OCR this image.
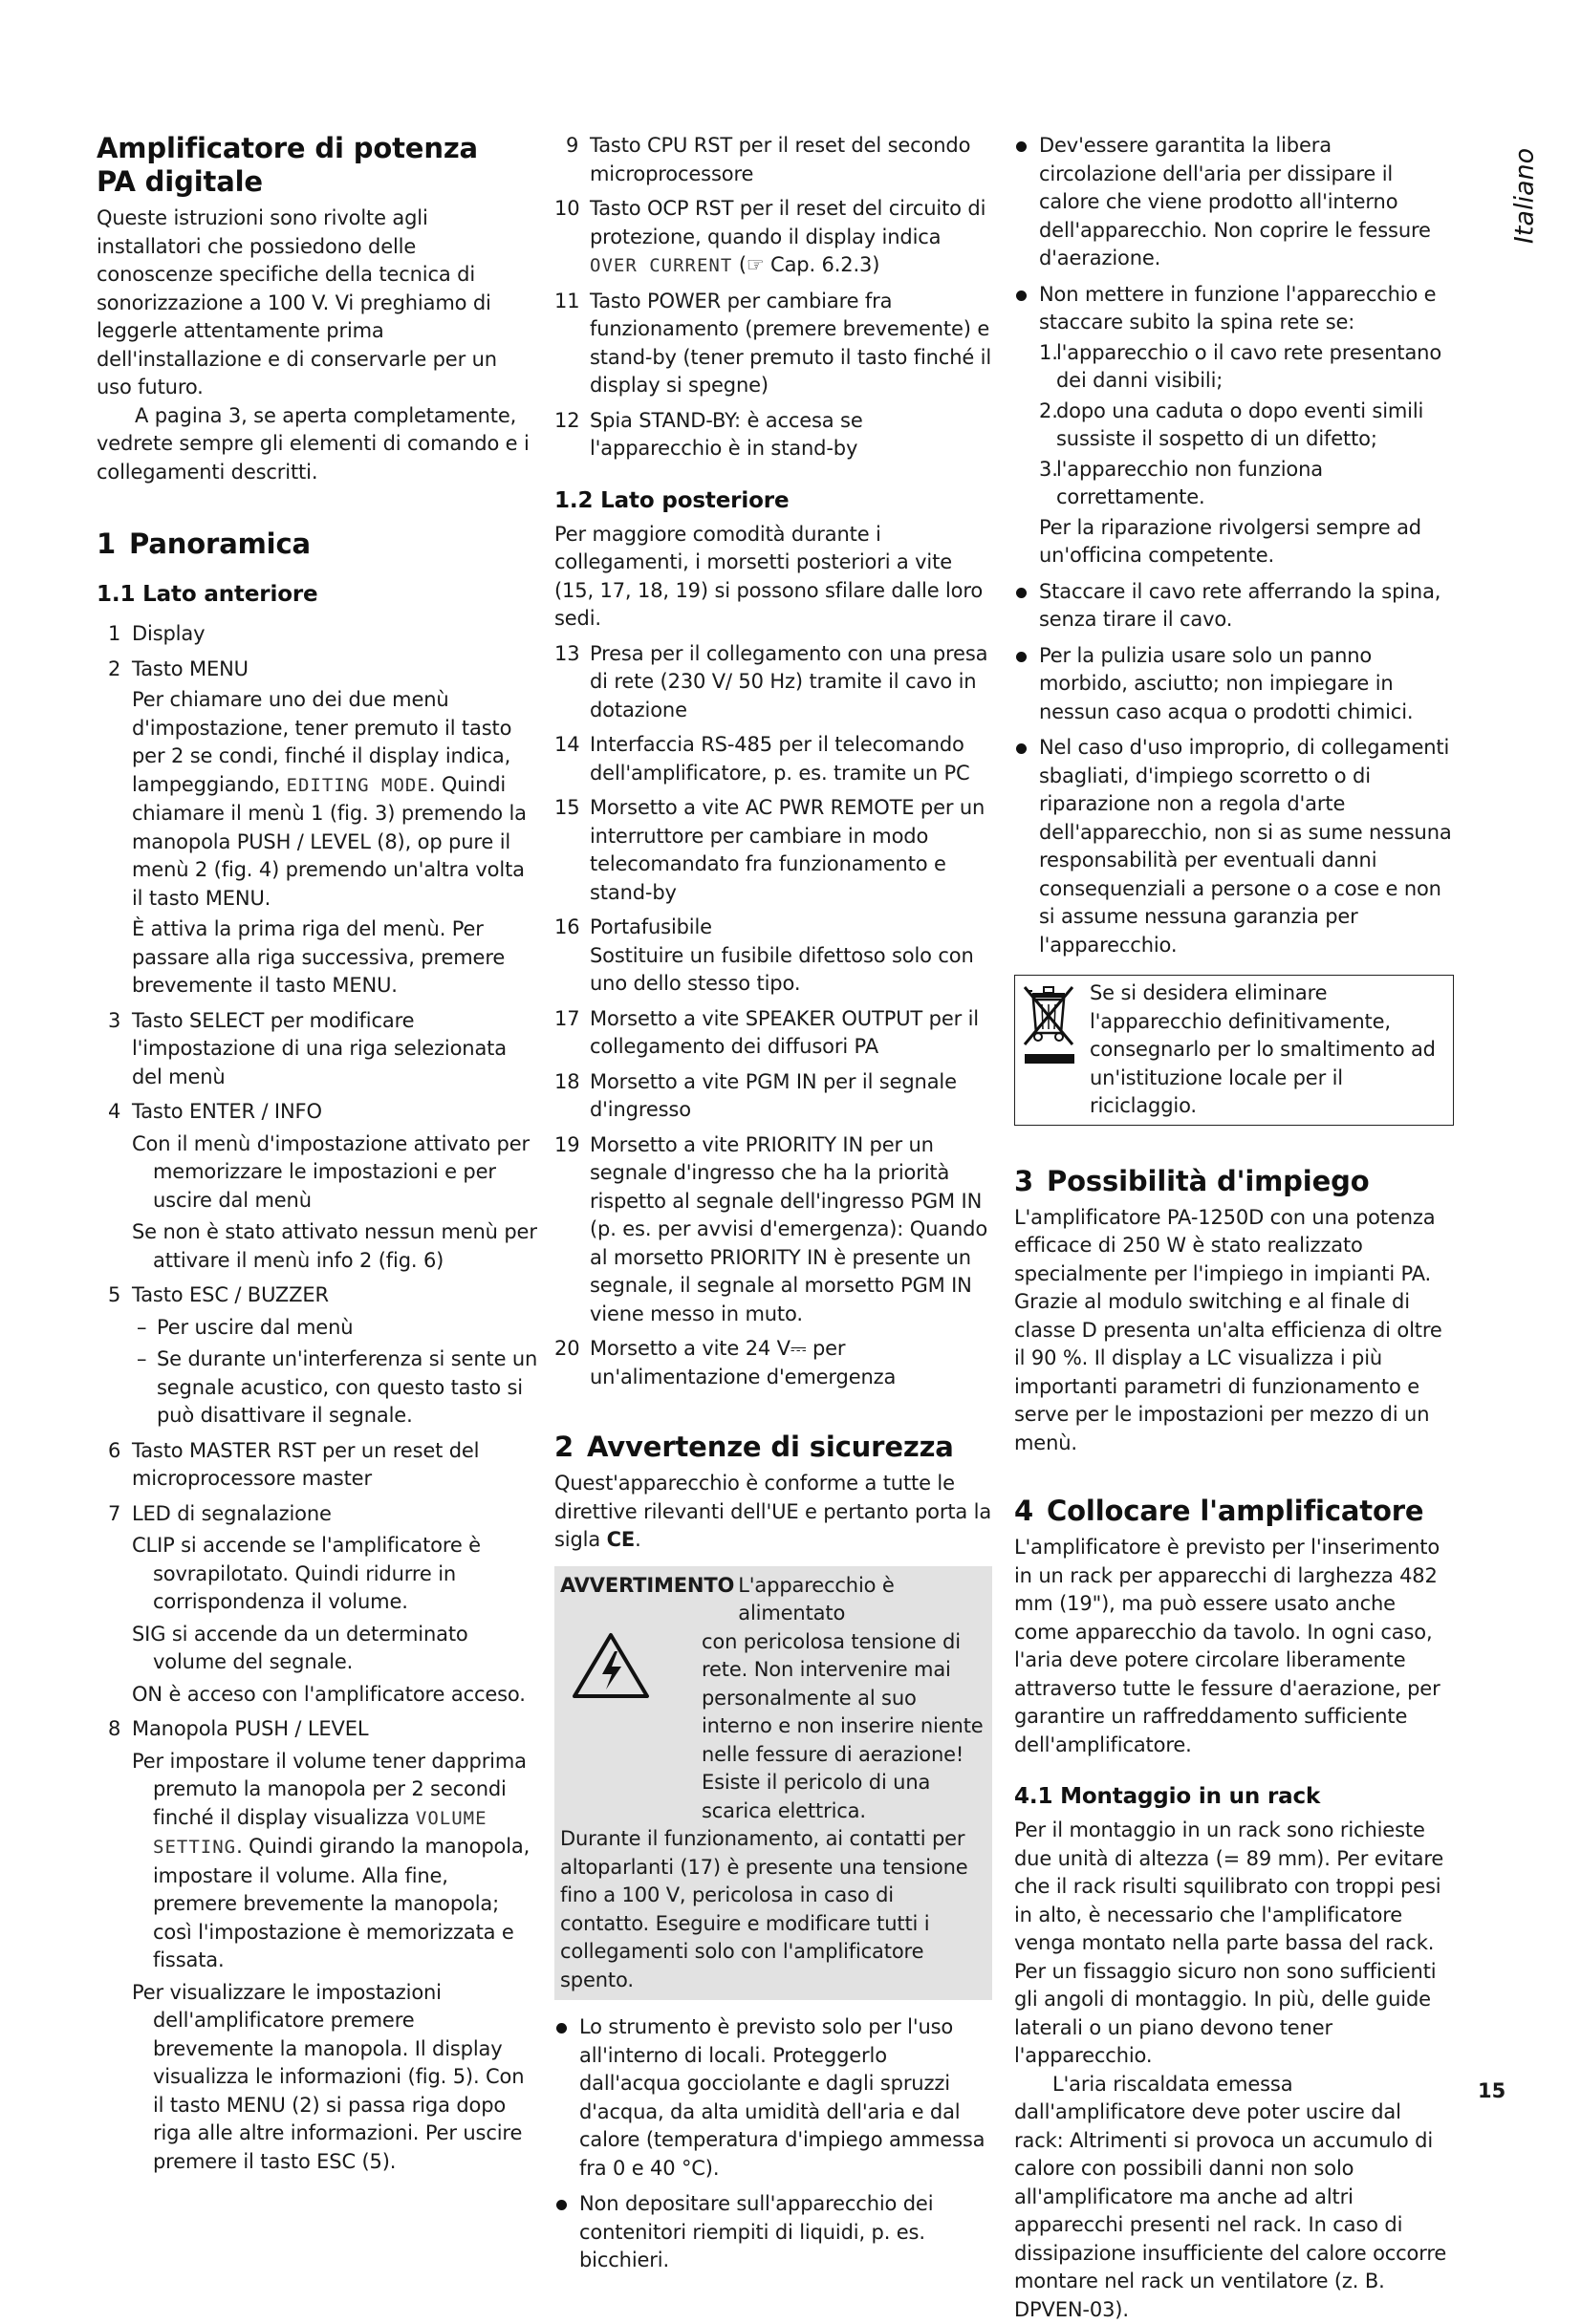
Italiano
Amplificatore di potenza
PA digitale

Queste istruzioni sono rivolte agli installatori che possiedono delle conoscenze specifiche della tecnica di sonorizzazione a 100 V. Vi preghiamo di leggerle attentamente prima dell'installazione e di conservarle per un uso futuro.

A pagina 3, se aperta completamente, vedrete sempre gli elementi di comando e i collegamenti descritti.

1 Panoramica
1.1 Lato anteriore
1 Display
2 Tasto MENU
Per chiamare uno dei due menù d'impostazione, tener premuto il tasto per 2 se condi, finché il display indica, lampeggiando, EDITING MODE. Quindi chiamare il menù 1 (fig. 3) premendo la manopola PUSH / LEVEL (8), op pure il menù 2 (fig. 4) premendo un'altra volta il tasto MENU.
È attiva la prima riga del menù. Per passare alla riga successiva, premere brevemente il tasto MENU.
3 Tasto SELECT per modificare l'impostazione di una riga selezionata del menù
4 Tasto ENTER / INFO
Con il menù d'impostazione attivato per memorizzare le impostazioni e per uscire dal menù
Se non è stato attivato nessun menù per attivare il menù info 2 (fig. 6)
5 Tasto ESC / BUZZER
– Per uscire dal menù
– Se durante un'interferenza si sente un segnale acustico, con questo tasto si può disattivare il segnale.
6 Tasto MASTER RST per un reset del microprocessore master
7 LED di segnalazione
CLIP si accende se l'amplificatore è sovrapilotato. Quindi ridurre in corrispondenza il volume.
SIG si accende da un determinato volume del segnale.
ON è acceso con l'amplificatore acceso.
8 Manopola PUSH / LEVEL
Per impostare il volume tener dapprima premuto la manopola per 2 secondi finché il display visualizza VOLUME SETTING. Quindi girando la manopola, impostare il volume. Alla fine, premere brevemente la manopola; così l'impostazione è memorizzata e fissata.
Per visualizzare le impostazioni dell'amplificatore premere brevemente la manopola. Il display visualizza le informazioni (fig. 5). Con il tasto MENU (2) si passa riga dopo riga alle altre informazioni. Per uscire premere il tasto ESC (5).
9 Tasto CPU RST per il reset del secondo microprocessore
10 Tasto OCP RST per il reset del circuito di protezione, quando il display indica OVER CURRENT (☞ Cap. 6.2.3)
11 Tasto POWER per cambiare fra funzionamento (premere brevemente) e stand-by (tener premuto il tasto finché il display si spegne)
12 Spia STAND-BY: è accesa se l'apparecchio è in stand-by
1.2 Lato posteriore

Per maggiore comodità durante i collegamenti, i morsetti posteriori a vite (15, 17, 18, 19) si possono sfilare dalle loro sedi.

13 Presa per il collegamento con una presa di rete (230 V/ 50 Hz) tramite il cavo in dotazione
14 Interfaccia RS-485 per il telecomando dell'amplificatore, p. es. tramite un PC
15 Morsetto a vite AC PWR REMOTE per un interruttore per cambiare in modo telecomandato fra funzionamento e stand-by
16 Portafusibile
Sostituire un fusibile difettoso solo con uno dello stesso tipo.
17 Morsetto a vite SPEAKER OUTPUT per il collegamento dei diffusori PA
18 Morsetto a vite PGM IN per il segnale d'ingresso
19 Morsetto a vite PRIORITY IN per un segnale d'ingresso che ha la priorità rispetto al segnale dell'ingresso PGM IN (p. es. per avvisi d'emergenza): Quando al morsetto PRIORITY IN è presente un segnale, il segnale al morsetto PGM IN viene messo in muto.
20 Morsetto a vite 24 V⎓ per un'alimentazione d'emergenza
2 Avvertenze di sicurezza

Quest'apparecchio è conforme a tutte le direttive rilevanti dell'UE e pertanto porta la sigla CE.

AVVERTIMENTO L'apparecchio è alimentato
con pericolosa tensione di rete. Non intervenire mai personalmente al suo interno e non inserire niente nelle fessure di aerazione! Esiste il pericolo di una scarica elettrica.
Durante il funzionamento, ai contatti per altoparlanti (17) è presente una tensione fino a 100 V, pericolosa in caso di contatto. Eseguire e modificare tutti i collegamenti solo con l'amplificatore spento.
Lo strumento è previsto solo per l'uso all'interno di locali. Proteggerlo dall'acqua gocciolante e dagli spruzzi d'acqua, da alta umidità dell'aria e dal calore (temperatura d'impiego ammessa fra 0 e 40 °C).
Non depositare sull'apparecchio dei contenitori riempiti di liquidi, p. es. bicchieri.
Dev'essere garantita la libera circolazione dell'aria per dissipare il calore che viene prodotto all'interno dell'apparecchio. Non coprire le fessure d'aerazione.
Non mettere in funzione l'apparecchio e staccare subito la spina rete se:
1.
l'apparecchio o il cavo rete presentano dei danni visibili;
2.
dopo una caduta o dopo eventi simili sussiste il sospetto di un difetto;
3.
l'apparecchio non funziona correttamente.
Per la riparazione rivolgersi sempre ad un'officina competente.
Staccare il cavo rete afferrando la spina, senza tirare il cavo.
Per la pulizia usare solo un panno morbido, asciutto; non impiegare in nessun caso acqua o prodotti chimici.
Nel caso d'uso improprio, di collegamenti sbagliati, d'impiego scorretto o di riparazione non a regola d'arte dell'apparecchio, non si as sume nessuna responsabilità per eventuali danni consequenziali a persone o a cose e non si assume nessuna garanzia per l'apparecchio.
Se si desidera eliminare l'apparecchio definitivamente, consegnarlo per lo smaltimento ad un'istituzione locale per il riciclaggio.
3 Possibilità d'impiego

L'amplificatore PA-1250D con una potenza efficace di 250 W è stato realizzato specialmente per l'impiego in impianti PA. Grazie al modulo switching e al finale di classe D presenta un'alta efficienza di oltre il 90 %. Il display a LC visualizza i più importanti parametri di funzionamento e serve per le impostazioni per mezzo di un menù.

4 Collocare l'amplificatore

L'amplificatore è previsto per l'inserimento in un rack per apparecchi di larghezza 482 mm (19"), ma può essere usato anche come apparecchio da tavolo. In ogni caso, l'aria deve potere circolare liberamente attraverso tutte le fessure d'aerazione, per garantire un raffreddamento sufficiente dell'amplificatore.

4.1 Montaggio in un rack

Per il montaggio in un rack sono richieste due unità di altezza (= 89 mm). Per evitare che il rack risulti squilibrato con troppi pesi in alto, è necessario che l'amplificatore venga montato nella parte bassa del rack. Per un fissaggio sicuro non sono sufficienti gli angoli di montaggio. In più, delle guide laterali o un piano devono tener l'apparecchio.

L'aria riscaldata emessa dall'amplificatore deve poter uscire dal rack: Altrimenti si provoca un accumulo di calore con possibili danni non solo all'amplificatore ma anche ad altri apparecchi presenti nel rack. In caso di dissipazione insufficiente del calore occorre montare nel rack un ventilatore (z. B. DPVEN-03).

15
